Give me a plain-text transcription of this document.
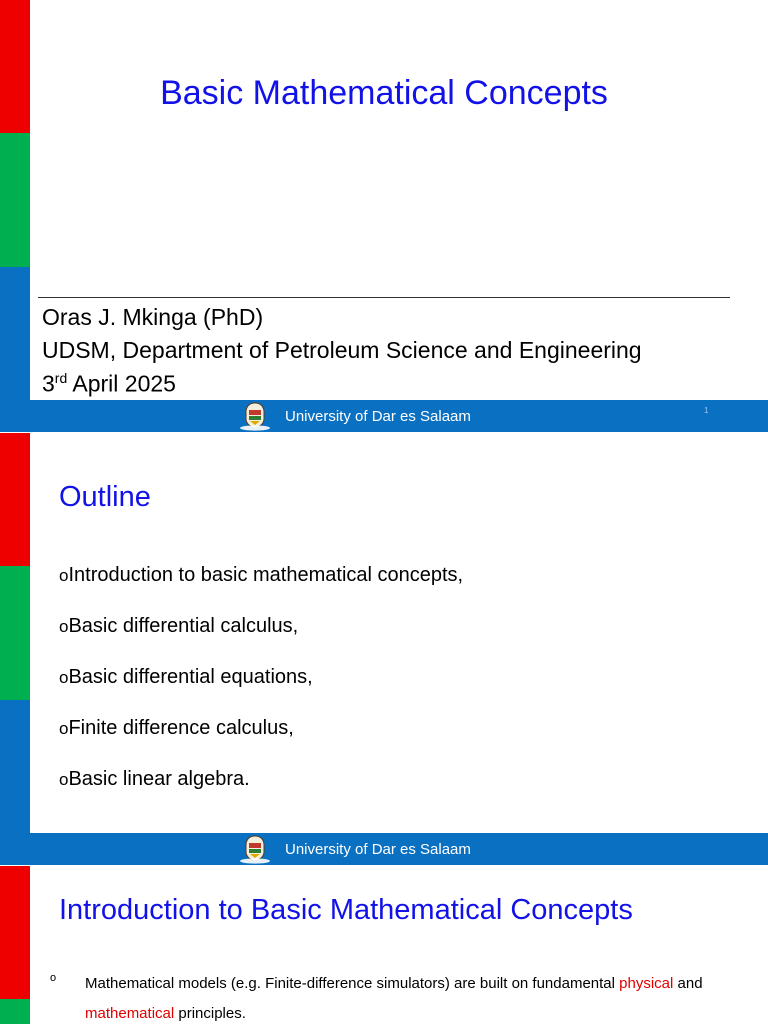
Basic Mathematical Concepts
Oras J. Mkinga (PhD)
UDSM, Department of Petroleum Science and Engineering
3rd April 2025
University of Dar es Salaam	1
Outline
oIntroduction to basic mathematical concepts,
oBasic differential calculus,
oBasic differential equations,
oFinite difference calculus,
oBasic linear algebra.
University of Dar es Salaam
Introduction to Basic Mathematical Concepts
o Mathematical models (e.g. Finite-difference simulators) are built on fundamental physical and mathematical principles.
